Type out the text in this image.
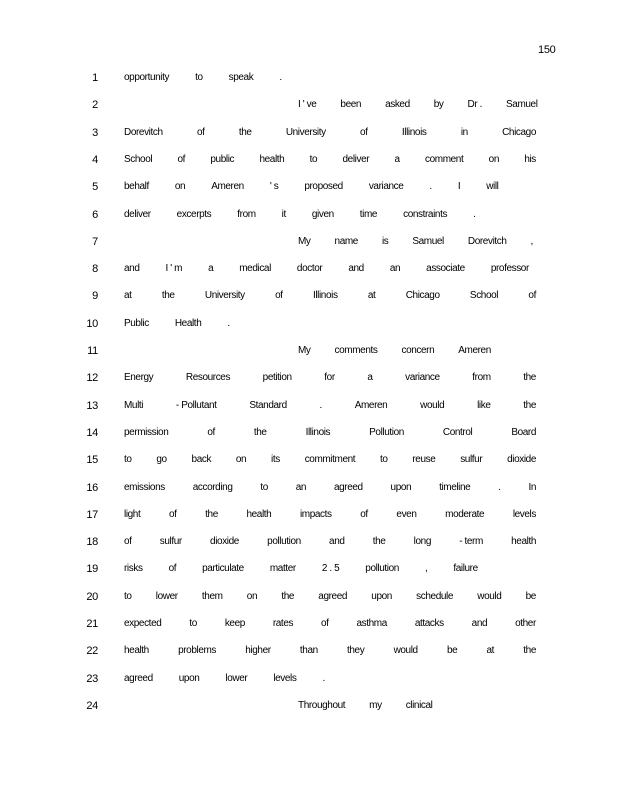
150
1	opportunity	to	speak	.
2	I ' ve been asked by Dr . Samuel
3	Dorevitch	of	the	University	of	Illinois	in	Chicago
4	School	of	public	health	to	deliver	a	comment	on	his
5	behalf	on	Ameren	' s	proposed	variance	.	I	will
6	deliver	excerpts	from	it	given	time	constraints	.
7	My name is Samuel Dorevitch ,
8	and	I ' m	a	medical	doctor	and	an	associate	professor
9	at	the	University	of	Illinois	at	Chicago	School	of
10	Public	Health	.
11	My comments concern Ameren
12	Energy	Resources	petition	for	a	variance	from	the
13	Multi	- Pollutant	Standard	.	Ameren	would	like	the
14	permission	of	the	Illinois	Pollution	Control	Board
15	to go back on its commitment to reuse sulfur dioxide
16	emissions	according	to	an	agreed	upon	timeline	.	In
17	light	of	the	health	impacts	of	even	moderate	levels
18	of	sulfur	dioxide	pollution	and	the	long	- term	health
19	risks	of	particulate	matter	2 . 5	pollution	,	failure
20	to lower them on the agreed upon schedule would be
21	expected	to	keep	rates	of	asthma	attacks	and	other
22	health	problems	higher	than	they	would	be	at	the
23	agreed	upon	lower	levels	.
24	Throughout my clinical
